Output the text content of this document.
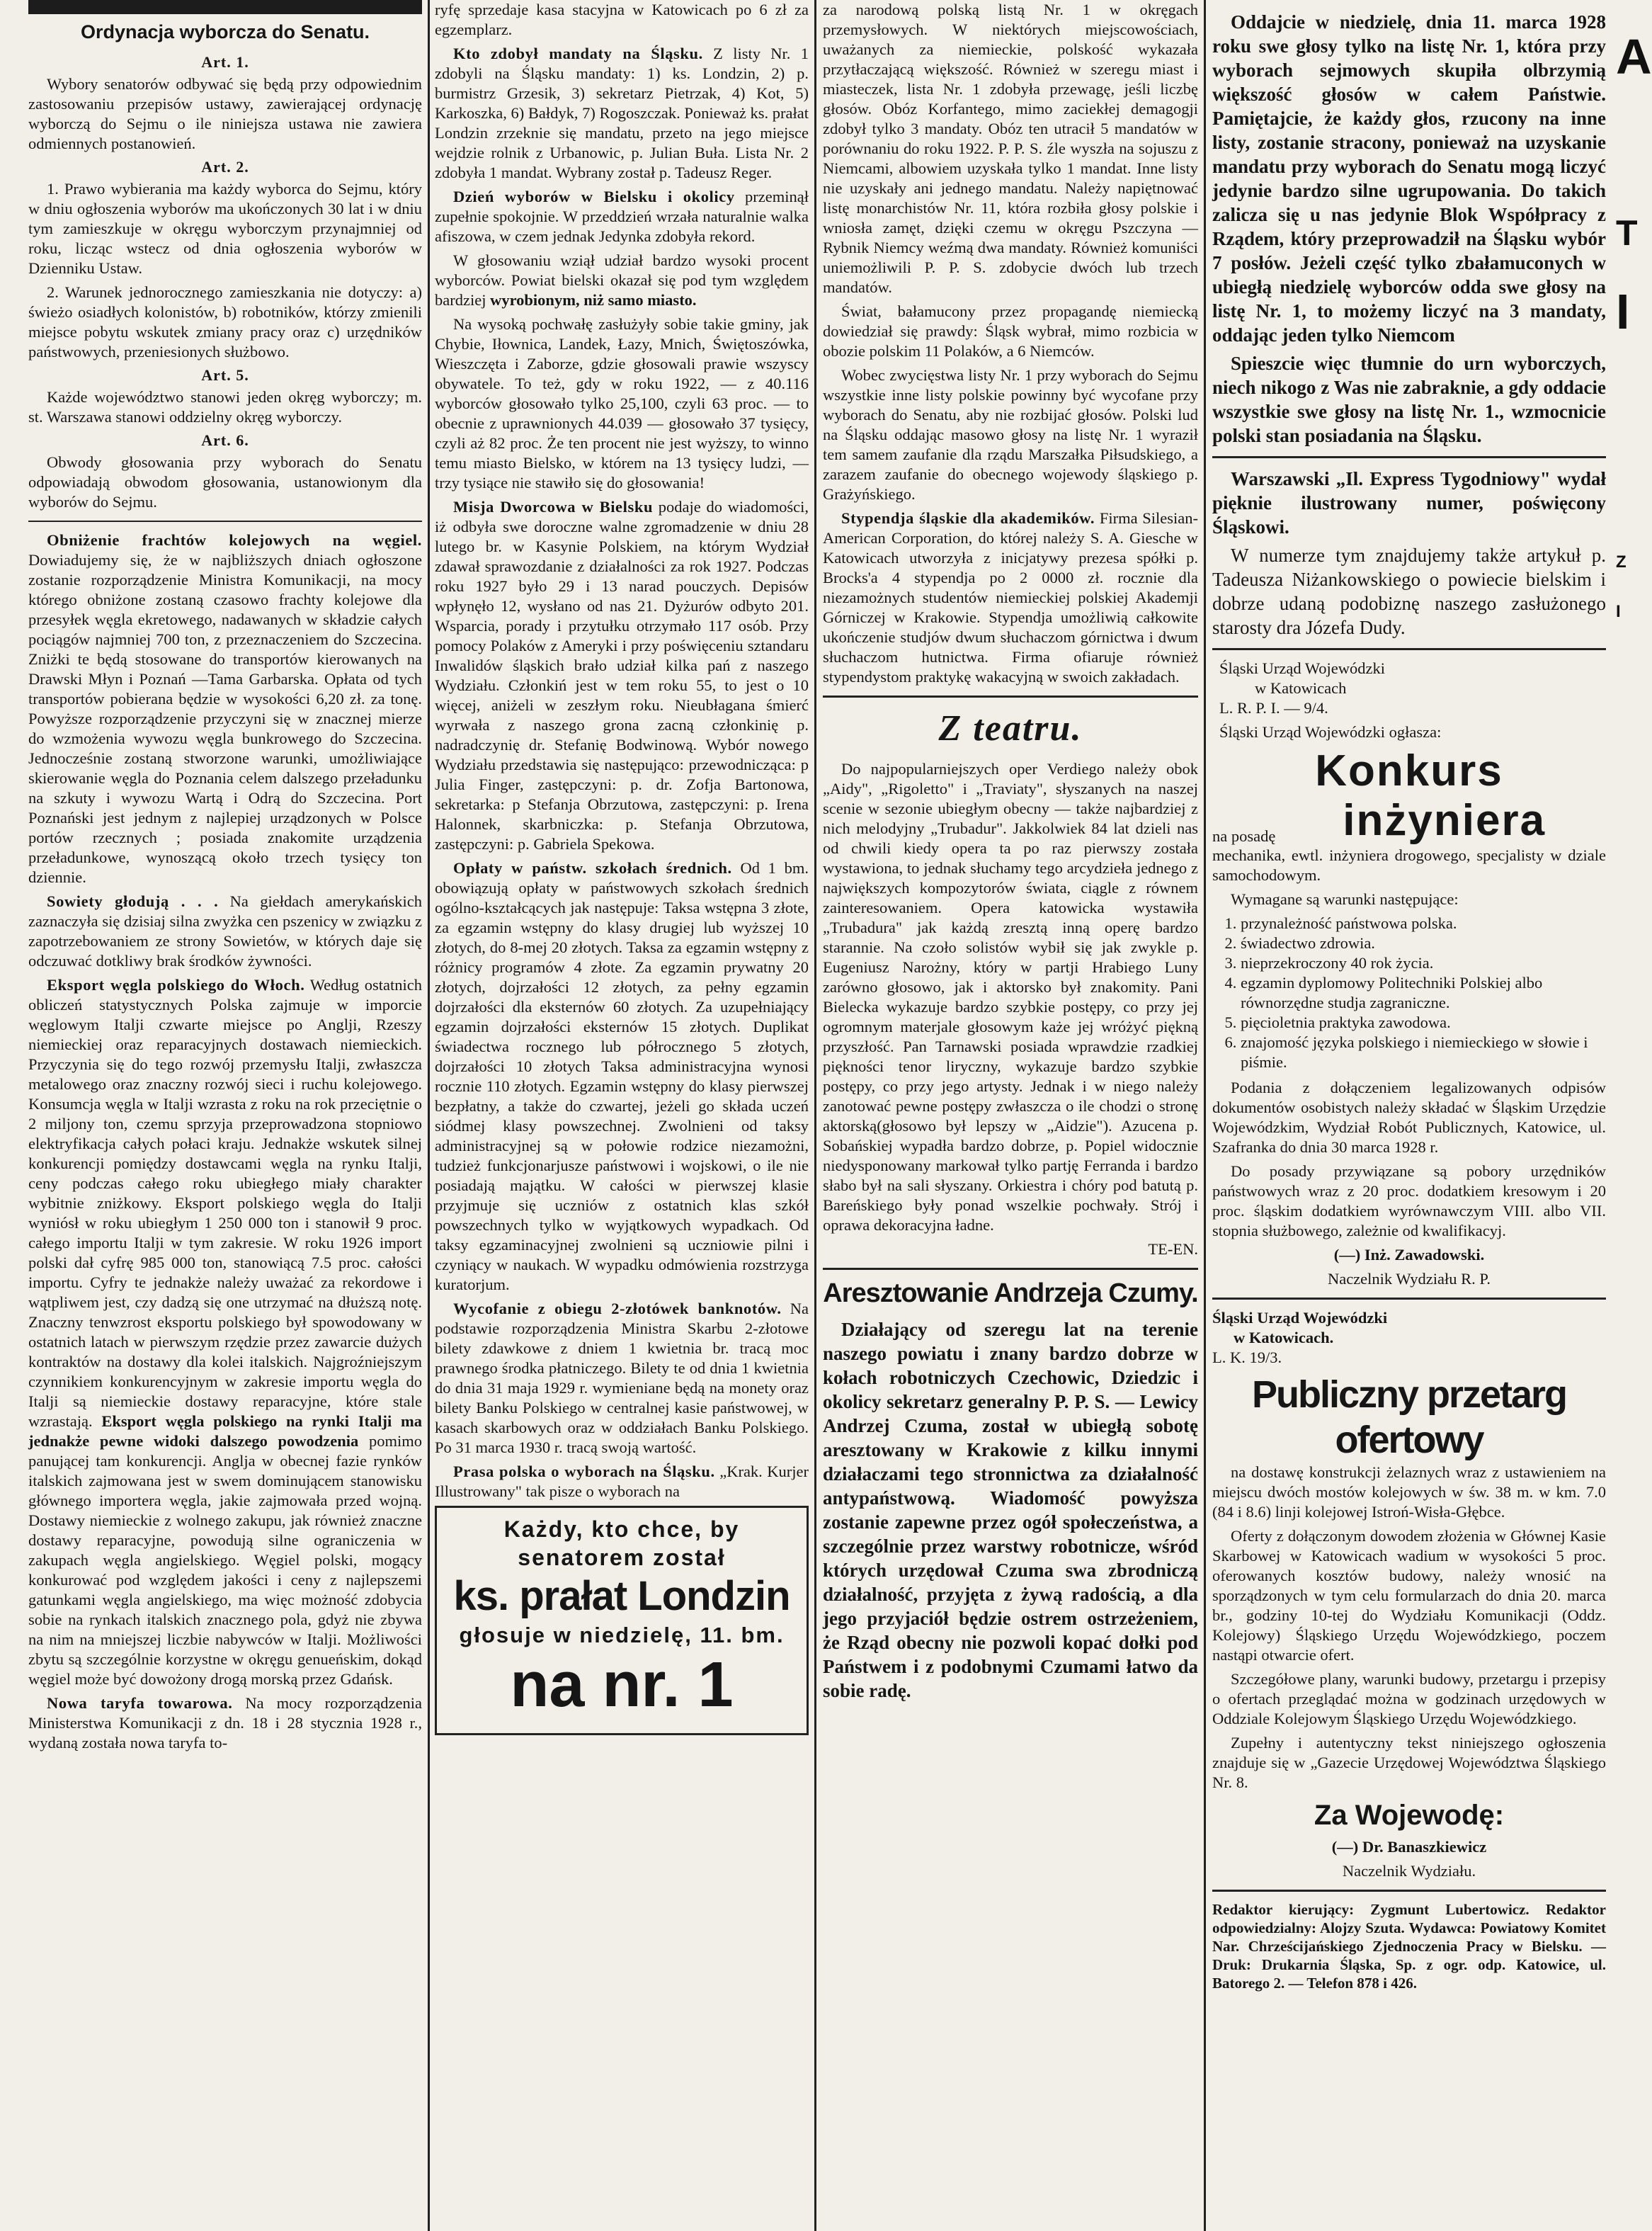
Ordynacja wyborcza do Senatu.
Art. 1.

Wybory senatorów odbywać się będą przy odpowiednim zastosowaniu przepisów ustawy, zawierającej ordynację wyborczą do Sejmu o ile niniejsza ustawa nie zawiera odmiennych postanowień.

Art. 2.

1. Prawo wybierania ma każdy wyborca do Sejmu, który w dniu ogłoszenia wyborów ma ukończonych 30 lat i w dniu tym zamieszkuje w okręgu wyborczym przynajmniej od roku, licząc wstecz od dnia ogłoszenia wyborów w Dzienniku Ustaw.

2. Warunek jednorocznego zamieszkania nie dotyczy: a) świeżo osiadłych kolonistów, b) robotników, którzy zmienili miejsce pobytu wskutek zmiany pracy oraz c) urzędników państwowych, przeniesionych służbowo.

Art. 5.

Każde województwo stanowi jeden okręg wyborczy; m. st. Warszawa stanowi oddzielny okręg wyborczy.

Art. 6.

Obwody głosowania przy wyborach do Senatu odpowiadają obwodom głosowania, ustanowionym dla wyborów do Sejmu.

Obniżenie frachtów kolejowych na węgiel. Dowiadujemy się, że w najbliższych dniach ogłoszone zostanie rozporządzenie Ministra Komunikacji, na mocy którego obniżone zostaną czasowo frachty kolejowe dla przesyłek węgla ekretowego, nadawanych w składzie całych pociągów najmniej 700 ton, z przeznaczeniem do Szczecina. Zniżki te będą stosowane do transportów kierowanych na Drawski Młyn i Poznań —Tama Garbarska. Opłata od tych transportów pobierana będzie w wysokości 6,20 zł. za tonę. Powyższe rozporządzenie przyczyni się w znacznej mierze do wzmożenia wywozu węgla bunkrowego do Szczecina. Jednocześnie zostaną stworzone warunki, umożliwiające skierowanie węgla do Poznania celem dalszego przeładunku na szkuty i wywozu Wartą i Odrą do Szczecina. Port Poznański jest jednym z najlepiej urządzonych w Polsce portów rzecznych ; posiada znakomite urządzenia przeładunkowe, wynoszącą około trzech tysięcy ton dziennie.

Sowiety głodują . . . Na giełdach amerykańskich zaznaczyła się dzisiaj silna zwyżka cen pszenicy w związku z zapotrzebowaniem ze strony Sowietów, w których daje się odczuwać dotkliwy brak środków żywności.

Eksport węgla polskiego do Włoch. Według ostatnich obliczeń statystycznych Polska zajmuje w imporcie węglowym Italji czwarte miejsce po Anglji, Rzeszy niemieckiej oraz reparacyjnych dostawach niemieckich. Przyczynia się do tego rozwój przemysłu Italji, zwłaszcza metalowego oraz znaczny rozwój sieci i ruchu kolejowego. Konsumcja węgla w Italji wzrasta z roku na rok przeciętnie o 2 miljony ton, czemu sprzyja przeprowadzona stopniowo elektryfikacja całych połaci kraju. Jednakże wskutek silnej konkurencji pomiędzy dostawcami węgla na rynku Italji, ceny podczas całego roku ubiegłego miały charakter wybitnie zniżkowy. Eksport polskiego węgla do Italji wyniósł w roku ubiegłym 1 250 000 ton i stanowił 9 proc. całego importu Italji w tym zakresie. W roku 1926 import polski dał cyfrę 985 000 ton, stanowiącą 7.5 proc. całości importu. Cyfry te jednakże należy uważać za rekordowe i wątpliwem jest, czy dadzą się one utrzymać na dłuższą notę. Znaczny tenwzrost eksportu polskiego był spowodowany w ostatnich latach w pierwszym rzędzie przez zawarcie dużych kontraktów na dostawy dla kolei italskich. Najgroźniejszym czynnikiem konkurencyjnym w zakresie importu węgla do Italji są niemieckie dostawy reparacyjne, które stale wzrastają. Eksport węgla polskiego na rynki Italji ma jednakże pewne widoki dalszego powodzenia pomimo panującej tam konkurencji. Anglja w obecnej fazie rynków italskich zajmowana jest w swem dominującem stanowisku głównego importera węgla, jakie zajmowała przed wojną. Dostawy niemieckie z wolnego zakupu, jak również znaczne dostawy reparacyjne, powodują silne ograniczenia w zakupach węgla angielskiego. Węgiel polski, mogący konkurować pod względem jakości i ceny z najlepszemi gatunkami węgla angielskiego, ma więc możność zdobycia sobie na rynkach italskich znacznego pola, gdyż nie zbywa na nim na mniejszej liczbie nabywców w Italji. Możliwości zbytu są szczególnie korzystne w okręgu genueńskim, dokąd węgiel może być dowożony drogą morską przez Gdańsk.

Nowa taryfa towarowa. Na mocy rozporządzenia Ministerstwa Komunikacji z dn. 18 i 28 stycznia 1928 r., wydaną została nowa taryfa to-

ryfę sprzedaje kasa stacyjna w Katowicach po 6 zł za egzemplarz.

Kto zdobył mandaty na Śląsku. Z listy Nr. 1 zdobyli na Śląsku mandaty: 1) ks. Londzin, 2) p. burmistrz Grzesik, 3) sekretarz Pietrzak, 4) Kot, 5) Karkoszka, 6) Bałdyk, 7) Rogoszczak. Ponieważ ks. prałat Londzin zrzeknie się mandatu, przeto na jego miejsce wejdzie rolnik z Urbanowic, p. Julian Buła. Lista Nr. 2 zdobyła 1 mandat. Wybrany został p. Tadeusz Reger.

Dzień wyborów w Bielsku i okolicy przeminął zupełnie spokojnie. W przeddzień wrzała naturalnie walka afiszowa, w czem jednak Jedynka zdobyła rekord.

W głosowaniu wziął udział bardzo wysoki procent wyborców. Powiat bielski okazał się pod tym względem bardziej wyrobionym, niż samo miasto.

Na wysoką pochwałę zasłużyły sobie takie gminy, jak Chybie, Iłownica, Landek, Łazy, Mnich, Świętoszówka, Wieszczęta i Zaborze, gdzie głosowali prawie wszyscy obywatele. To też, gdy w roku 1922, — z 40.116 wyborców głosowało tylko 25,100, czyli 63 proc. — to obecnie z uprawnionych 44.039 — głosowało 37 tysięcy, czyli aż 82 proc. Że ten procent nie jest wyższy, to winno temu miasto Bielsko, w którem na 13 tysięcy ludzi, — trzy tysiące nie stawiło się do głosowania!

Misja Dworcowa w Bielsku podaje do wiadomości, iż odbyła swe doroczne walne zgromadzenie w dniu 28 lutego br. w Kasynie Polskiem, na którym Wydział zdawał sprawozdanie z działalności za rok 1927. Podczas roku 1927 było 29 i 13 narad pouczych. Depisów wpłynęło 12, wysłano od nas 21. Dyżurów odbyto 201. Wsparcia, porady i przytułku otrzymało 117 osób. Przy pomocy Polaków z Ameryki i przy poświęceniu sztandaru Inwalidów śląskich brało udział kilka pań z naszego Wydziału. Członkiń jest w tem roku 55, to jest o 10 więcej, aniżeli w zeszłym roku. Nieubłagana śmierć wyrwała z naszego grona zacną członkinię p. nadradczynię dr. Stefanię Bodwinową. Wybór nowego Wydziału przedstawia się następująco: przewodnicząca: p Julia Finger, zastępczyni: p. dr. Zofja Bartonowa, sekretarka: p Stefanja Obrzutowa, zastępczyni: p. Irena Halonnek, skarbniczka: p. Stefanja Obrzutowa, zastępczyni: p. Gabriela Spekowa.

Opłaty w państw. szkołach średnich. Od 1 bm. obowiązują opłaty w państwowych szkołach średnich ogólno-kształcących jak następuje: Taksa wstępna 3 złote, za egzamin wstępny do klasy drugiej lub wyższej 10 złotych, do 8-mej 20 złotych. Taksa za egzamin wstępny z różnicy programów 4 złote. Za egzamin prywatny 20 złotych, dojrzałości 12 złotych, za pełny egzamin dojrzałości dla eksternów 60 złotych. Za uzupełniający egzamin dojrzałości eksternów 15 złotych. Duplikat świadectwa rocznego lub półrocznego 5 złotych, dojrzałości 10 złotych Taksa administracyjna wynosi rocznie 110 złotych. Egzamin wstępny do klasy pierwszej bezpłatny, a także do czwartej, jeżeli go składa uczeń siódmej klasy powszechnej. Zwolnieni od taksy administracyjnej są w połowie rodzice niezamożni, tudzież funkcjonarjusze państwowi i wojskowi, o ile nie posiadają majątku. W całości w pierwszej klasie przyjmuje się uczniów z ostatnich klas szkół powszechnych tylko w wyjątkowych wypadkach. Od taksy egzaminacyjnej zwolnieni są uczniowie pilni i czyniący w naukach. W wypadku odmówienia rozstrzyga kuratorjum.

Wycofanie z obiegu 2-złotówek banknotów. Na podstawie rozporządzenia Ministra Skarbu 2-złotowe bilety zdawkowe z dniem 1 kwietnia br. tracą moc prawnego środka płatniczego. Bilety te od dnia 1 kwietnia do dnia 31 maja 1929 r. wymieniane będą na monety oraz bilety Banku Polskiego w centralnej kasie państwowej, w kasach skarbowych oraz w oddziałach Banku Polskiego. Po 31 marca 1930 r. tracą swoją wartość.

Prasa polska o wyborach na Śląsku. „Krak. Kurjer Illustrowany" tak pisze o wyborach na

Każdy, kto chce, by senatorem został
ks. prałat Londzin
głosuje w niedzielę, 11. bm.
na nr. 1

za narodową polską listą Nr. 1 w okręgach przemysłowych. W niektórych miejscowościach, uważanych za niemieckie, polskość wykazała przytłaczającą większość. Również w szeregu miast i miasteczek, lista Nr. 1 zdobyła przewagę, jeśli liczbę głosów. Obóz Korfantego, mimo zaciekłej demagogji zdobył tylko 3 mandaty. Obóz ten utracił 5 mandatów w porównaniu do roku 1922. P. P. S. źle wyszła na sojuszu z Niemcami, albowiem uzyskała tylko 1 mandat. Inne listy nie uzyskały ani jednego mandatu. Należy napiętnować listę monarchistów Nr. 11, która rozbiła głosy polskie i wniosła zamęt, dzięki czemu w okręgu Pszczyna — Rybnik Niemcy weźmą dwa mandaty. Również komuniści uniemożliwili P. P. S. zdobycie dwóch lub trzech mandatów.

Świat, bałamucony przez propagandę niemiecką dowiedział się prawdy: Śląsk wybrał, mimo rozbicia w obozie polskim 11 Polaków, a 6 Niemców.

Wobec zwycięstwa listy Nr. 1 przy wyborach do Sejmu wszystkie inne listy polskie powinny być wycofane przy wyborach do Senatu, aby nie rozbijać głosów. Polski lud na Śląsku oddając masowo głosy na listę Nr. 1 wyraził tem samem zaufanie dla rządu Marszałka Piłsudskiego, a zarazem zaufanie do obecnego wojewody śląskiego p. Grażyńskiego.

Stypendja śląskie dla akademików. Firma Silesian-American Corporation, do której należy S. A. Giesche w Katowicach utworzyła z inicjatywy prezesa spółki p. Brocks'a 4 stypendja po 2 0000 zł. rocznie dla niezamożnych studentów niemieckiej polskiej Akademji Górniczej w Krakowie. Stypendja umożliwią całkowite ukończenie studjów dwum słuchaczom górnictwa i dwum słuchaczom hutnictwa. Firma ofiaruje również stypendystom praktykę wakacyjną w swoich zakładach.

Z teatru.

Do najpopularniejszych oper Verdiego należy obok „Aidy", „Rigoletto" i „Traviaty", słyszanych na naszej scenie w sezonie ubiegłym obecny — także najbardziej z nich melodyjny „Trubadur". Jakkolwiek 84 lat dzieli nas od chwili kiedy opera ta po raz pierwszy została wystawiona, to jednak słuchamy tego arcydzieła jednego z największych kompozytorów świata, ciągle z równem zainteresowaniem. Opera katowicka wystawiła „Trubadura" jak każdą zresztą inną operę bardzo starannie. Na czoło solistów wybił się jak zwykle p. Eugeniusz Narożny, który w partji Hrabiego Luny zarówno głosowo, jak i aktorsko był znakomity. Pani Bielecka wykazuje bardzo szybkie postępy, co przy jej ogromnym materjale głosowym każe jej wróżyć piękną przyszłość. Pan Tarnawski posiada wprawdzie rzadkiej piękności tenor liryczny, wykazuje bardzo szybkie postępy, co przy jego artysty. Jednak i w niego należy zanotować pewne postępy zwłaszcza o ile chodzi o stronę aktorską(głosowo był lepszy w „Aidzie"). Azucena p. Sobańskiej wypadła bardzo dobrze, p. Popiel widocznie niedysponowany markował tylko partję Ferranda i bardzo słabo był na sali słyszany. Orkiestra i chóry pod batutą p. Bareńskiego były ponad wszelkie pochwały. Strój i oprawa dekoracyjna ładne.

TE-EN.

Aresztowanie Andrzeja Czumy.

Działający od szeregu lat na terenie naszego powiatu i znany bardzo dobrze w kołach robotniczych Czechowic, Dziedzic i okolicy sekretarz generalny P. P. S. — Lewicy Andrzej Czuma, został w ubiegłą sobotę aresztowany w Krakowie z kilku innymi działaczami tego stronnictwa za działalność antypaństwową. Wiadomość powyższa zostanie zapewne przez ogół społeczeństwa, a szczególnie przez warstwy robotnicze, wśród których urzędował Czuma swa zbrodniczą działalność, przyjęta z żywą radością, a dla jego przyjaciół będzie ostrem ostrzeżeniem, że Rząd obecny nie pozwoli kopać dołki pod Państwem i z podobnymi Czumami łatwo da sobie radę.

Oddajcie w niedzielę, dnia 11. marca 1928 roku swe głosy tylko na listę Nr. 1, która przy wyborach sejmowych skupiła olbrzymią większość głosów w całem Państwie. Pamiętajcie, że każdy głos, rzucony na inne listy, zostanie stracony, ponieważ na uzyskanie mandatu przy wyborach do Senatu mogą liczyć jedynie bardzo silne ugrupowania. Do takich zalicza się u nas jedynie Blok Współpracy z Rządem, który przeprowadził na Śląsku wybór 7 posłów. Jeżeli część tylko zbałamuconych w ubiegłą niedzielę wyborców odda swe głosy na listę Nr. 1, to możemy liczyć na 3 mandaty, oddając jeden tylko Niemcom

Spieszcie więc tłumnie do urn wyborczych, niech nikogo z Was nie zabraknie, a gdy oddacie wszystkie swe głosy na listę Nr. 1., wzmocnicie polski stan posiadania na Śląsku.

Warszawski „Il. Express Tygodniowy" wydał pięknie ilustrowany numer, poświęcony Śląskowi.

W numerze tym znajdujemy także artykuł p. Tadeusza Niżankowskiego o powiecie bielskim i dobrze udaną podobiznę naszego zasłużonego starosty dra Józefa Dudy.

Śląski Urząd Wojewódzki

w Katowicach

L. R. P. I. — 9/4.

Śląski Urząd Wojewódzki ogłasza:

Konkurs
na posadę	inżyniera

mechanika, ewtl. inżyniera drogowego, specjalisty w dziale samochodowym.

Wymagane są warunki następujące:

1. przynależność państwowa polska.
2. świadectwo zdrowia.
3. nieprzekroczony 40 rok życia.
4. egzamin dyplomowy Politechniki Polskiej albo równorzędne studja zagraniczne.
5. pięcioletnia praktyka zawodowa.
6. znajomość języka polskiego i niemieckiego w słowie i piśmie.

Podania z dołączeniem legalizowanych odpisów dokumentów osobistych należy składać w Śląskim Urzędzie Wojewódzkim, Wydział Robót Publicznych, Katowice, ul. Szafranka do dnia 30 marca 1928 r.

Do posady przywiązane są pobory urzędników państwowych wraz z 20 proc. dodatkiem kresowym i 20 proc. śląskim dodatkiem wyrównawczym VIII. albo VII. stopnia służbowego, zależnie od kwalifikacyj.

(—) Inż. Zawadowski.

Naczelnik Wydziału R. P.

Śląski Urząd Wojewódzki

w Katowicach.

L. K. 19/3.

Publiczny przetarg ofertowy

na dostawę konstrukcji żelaznych wraz z ustawieniem na miejscu dwóch mostów kolejowych w św. 38 m. w km. 7.0 (84 i 8.6) linji kolejowej Istroń-Wisła-Głębce.

Oferty z dołączonym dowodem złożenia w Głównej Kasie Skarbowej w Katowicach wadium w wysokości 5 proc. oferowanych kosztów budowy, należy wnosić na sporządzonych w tym celu formularzach do dnia 20. marca br., godziny 10-tej do Wydziału Komunikacji (Oddz. Kolejowy) Śląskiego Urzędu Wojewódzkiego, poczem nastąpi otwarcie ofert.

Szczegółowe plany, warunki budowy, przetargu i przepisy o ofertach przeglądać można w godzinach urzędowych w Oddziale Kolejowym Śląskiego Urzędu Wojewódzkiego.

Zupełny i autentyczny tekst niniejszego ogłoszenia znajduje się w „Gazecie Urzędowej Województwa Śląskiego Nr. 8.

Za Wojewodę:

(—) Dr. Banaszkiewicz

Naczelnik Wydziału.

Redaktor kierujący: Zygmunt Lubertowicz. Redaktor odpowiedzialny: Alojzy Szuta. Wydawca: Powiatowy Komitet Nar. Chrześcijańskiego Zjednoczenia Pracy w Bielsku. — Druk: Drukarnia Śląska, Sp. z ogr. odp. Katowice, ul. Batorego 2. — Telefon 878 i 426.

A
T
I
Z
I
